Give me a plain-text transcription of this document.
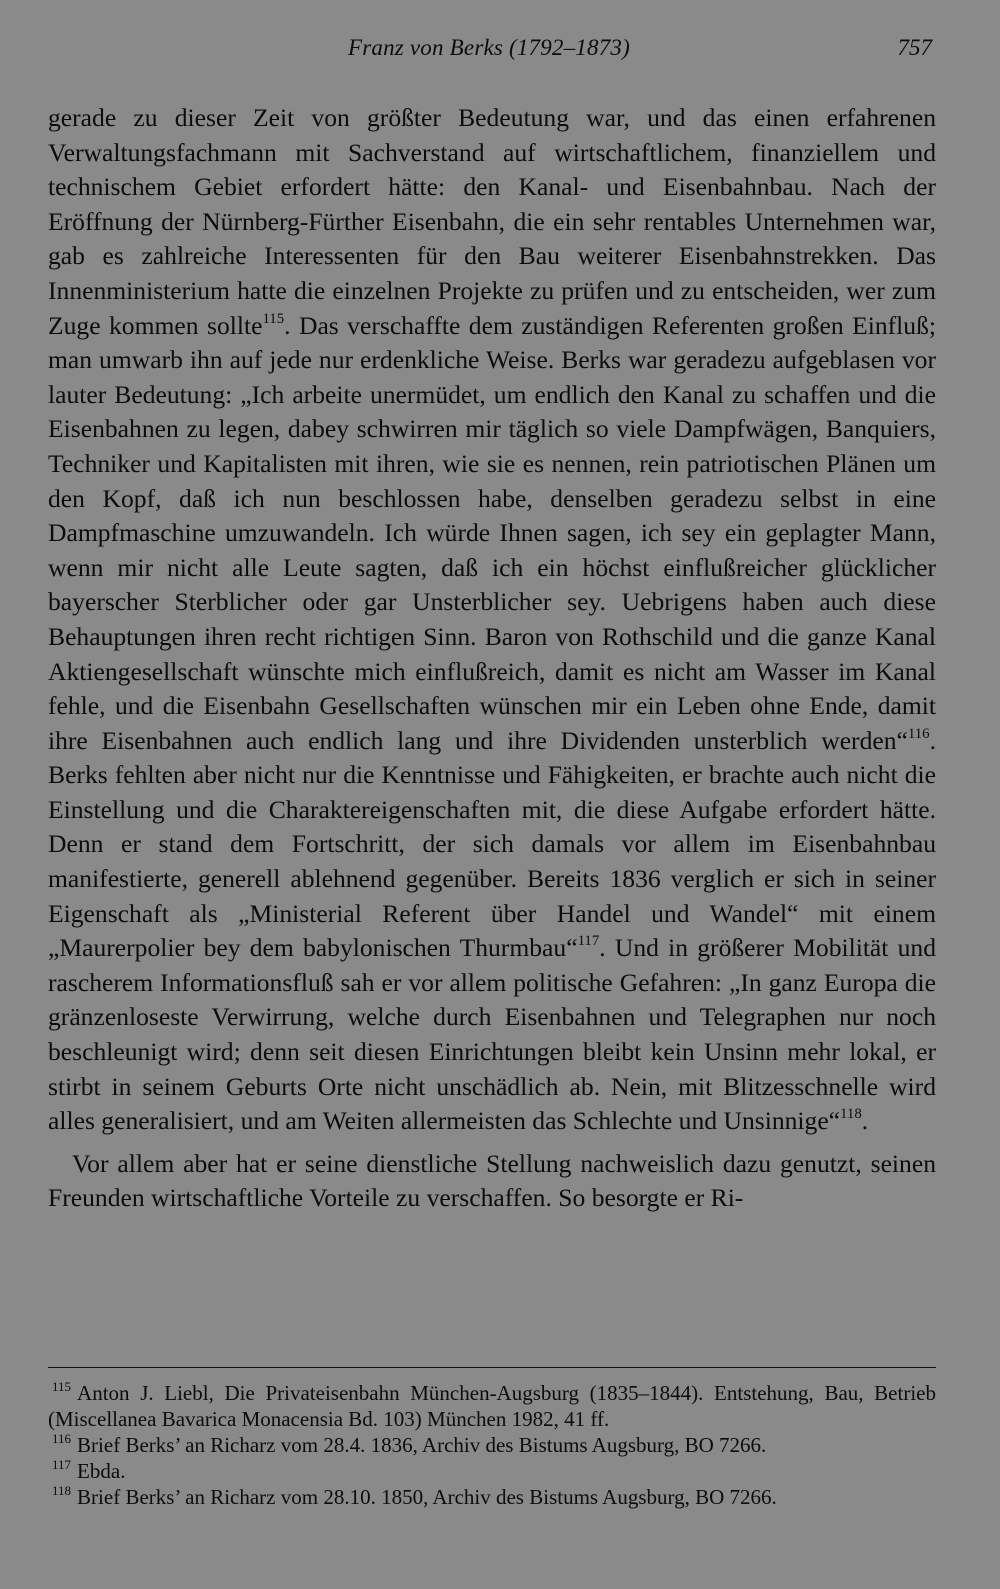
Franz von Berks (1792–1873)	757

gerade zu dieser Zeit von größter Bedeutung war, und das einen erfahrenen Verwaltungsfachmann mit Sachverstand auf wirtschaftlichem, finanziellem und technischem Gebiet erfordert hätte: den Kanal- und Eisenbahnbau. Nach der Eröffnung der Nürnberg-Fürther Eisenbahn, die ein sehr rentables Unternehmen war, gab es zahlreiche Interessenten für den Bau weiterer Eisenbahnstrekken. Das Innenministerium hatte die einzelnen Projekte zu prüfen und zu entscheiden, wer zum Zuge kommen sollte$^{115}$. Das verschaffte dem zuständigen Referenten großen Einfluß; man umwarb ihn auf jede nur erdenkliche Weise. Berks war geradezu aufgeblasen vor lauter Bedeutung: „Ich arbeite unermüdet, um endlich den Kanal zu schaffen und die Eisenbahnen zu legen, dabey schwirren mir täglich so viele Dampfwägen, Banquiers, Techniker und Kapitalisten mit ihren, wie sie es nennen, rein patriotischen Plänen um den Kopf, daß ich nun beschlossen habe, denselben geradezu selbst in eine Dampfmaschine umzuwandeln. Ich würde Ihnen sagen, ich sey ein geplagter Mann, wenn mir nicht alle Leute sagten, daß ich ein höchst einflußreicher glücklicher bayerscher Sterblicher oder gar Unsterblicher sey. Uebrigens haben auch diese Behauptungen ihren recht richtigen Sinn. Baron von Rothschild und die ganze Kanal Aktiengesellschaft wünschte mich einflußreich, damit es nicht am Wasser im Kanal fehle, und die Eisenbahn Gesellschaften wünschen mir ein Leben ohne Ende, damit ihre Eisenbahnen auch endlich lang und ihre Dividenden unsterblich werden“$^{116}$. Berks fehlten aber nicht nur die Kenntnisse und Fähigkeiten, er brachte auch nicht die Einstellung und die Charaktereigenschaften mit, die diese Aufgabe erfordert hätte. Denn er stand dem Fortschritt, der sich damals vor allem im Eisenbahnbau manifestierte, generell ablehnend gegenüber. Bereits 1836 verglich er sich in seiner Eigenschaft als „Ministerial Referent über Handel und Wandel“ mit einem „Maurerpolier bey dem babylonischen Thurmbau“$^{117}$. Und in größerer Mobilität und rascherem Informationsfluß sah er vor allem politische Gefahren: „In ganz Europa die gränzenloseste Verwirrung, welche durch Eisenbahnen und Telegraphen nur noch beschleunigt wird; denn seit diesen Einrichtungen bleibt kein Unsinn mehr lokal, er stirbt in seinem Geburts Orte nicht unschädlich ab. Nein, mit Blitzesschnelle wird alles generalisiert, und am Weiten allermeisten das Schlechte und Unsinnige“$^{118}$.

Vor allem aber hat er seine dienstliche Stellung nachweislich dazu genutzt, seinen Freunden wirtschaftliche Vorteile zu verschaffen. So besorgte er Ri-

$^{115}$ Anton J. Liebl, Die Privateisenbahn München-Augsburg (1835–1844). Entstehung, Bau, Betrieb (Miscellanea Bavarica Monacensia Bd. 103) München 1982, 41 ff.

$^{116}$ Brief Berks’ an Richarz vom 28.4. 1836, Archiv des Bistums Augsburg, BO 7266.

$^{117}$ Ebda.

$^{118}$ Brief Berks’ an Richarz vom 28.10. 1850, Archiv des Bistums Augsburg, BO 7266.
